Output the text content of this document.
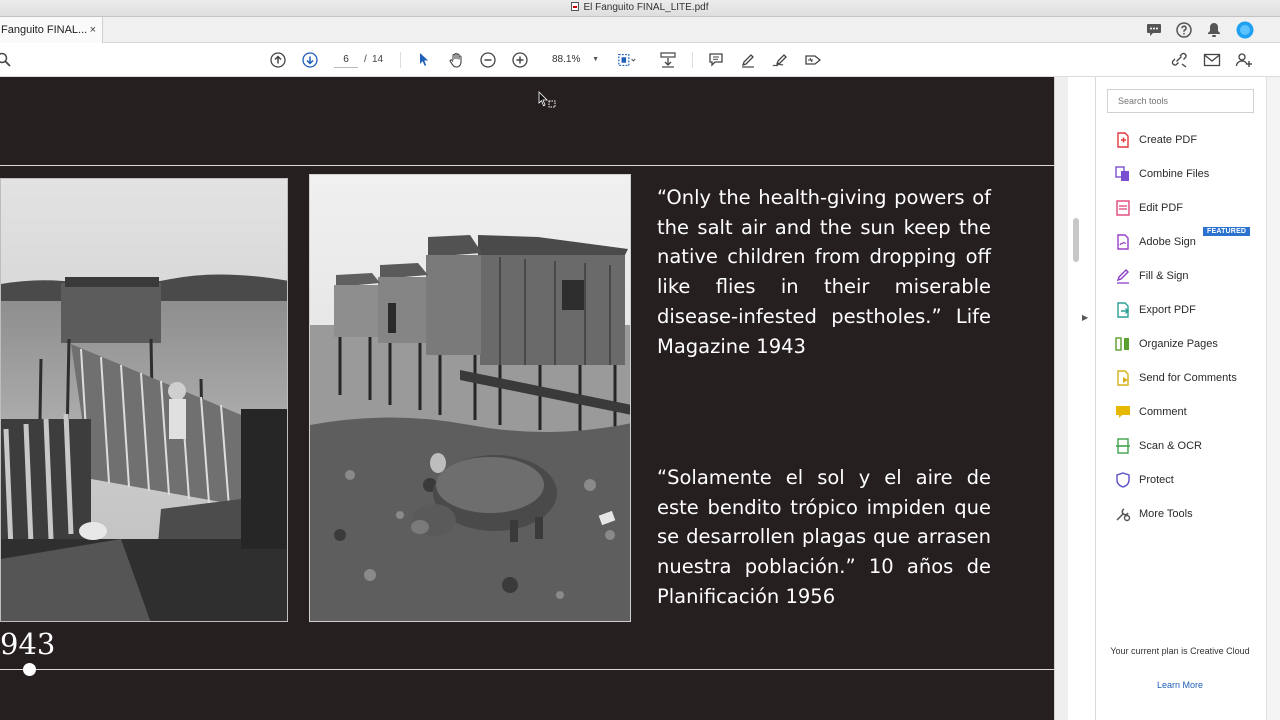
El Fanguito FINAL_LITE.pdf
Fanguito FINAL... ×
6
/ 14	88.1% ▼
“Only the health-giving powers of the salt air and the sun keep the native children from dropping off like flies in their miserable disease-infested pestholes.” Life Magazine 1943
“Solamente el sol y el aire de este bendito trópico impiden que se desarrollen plagas que arrasen nuestra población.” 10 años de Planificación 1956
943
▶
Search tools
Create PDF
Combine Files
Edit PDF
Adobe Sign
FEATURED
Fill & Sign
Export PDF
Organize Pages
Send for Comments
Comment
Scan & OCR
Protect
More Tools
Your current plan is Creative Cloud
Learn More
